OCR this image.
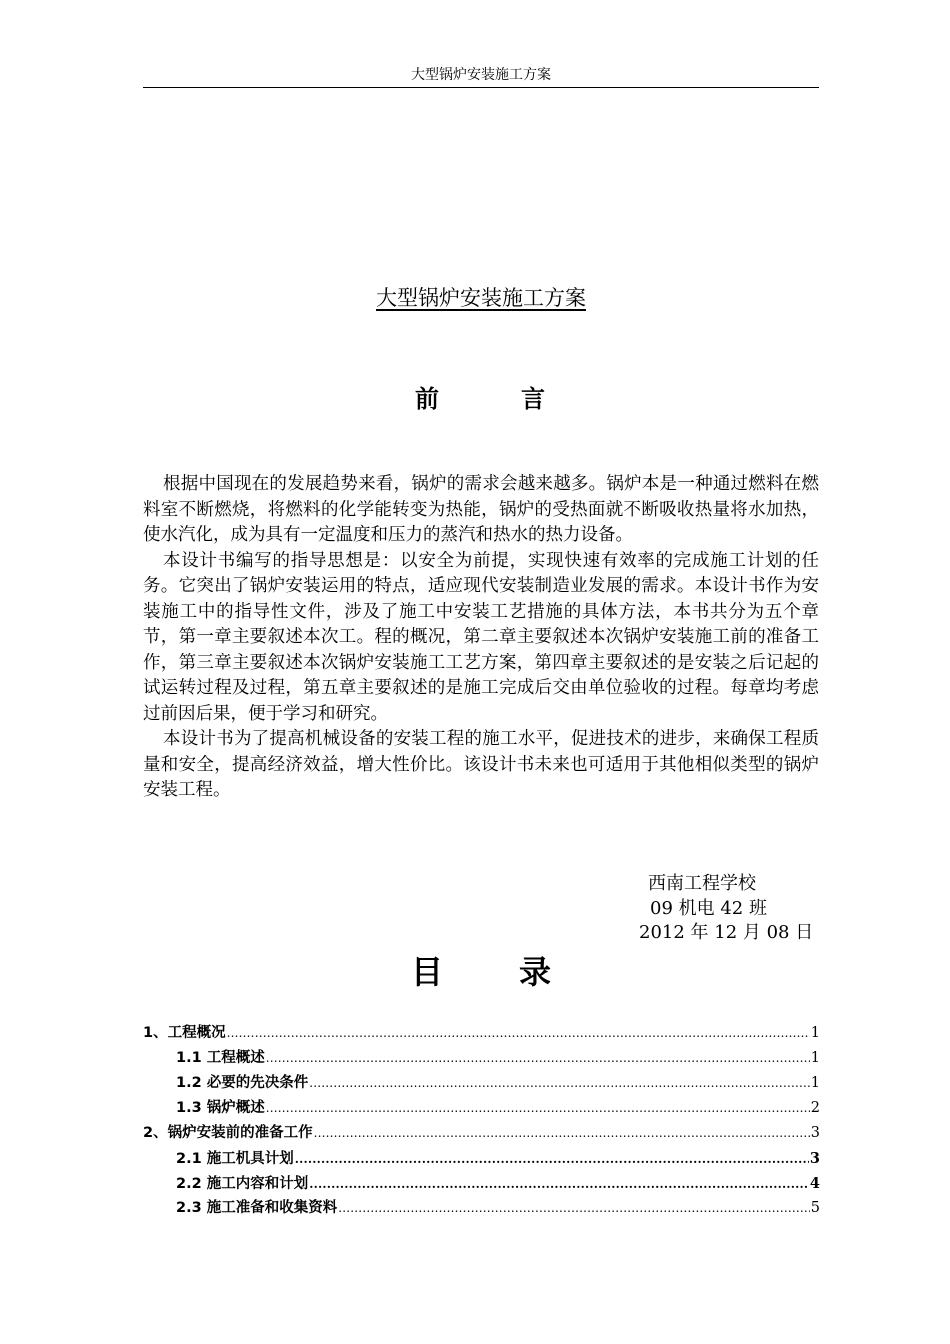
大型锅炉安装施工方案
大型锅炉安装施工方案
前	言

根据中国现在的发展趋势来看，锅炉的需求会越来越多。锅炉本是一种通过燃料在燃料室不断燃烧，将燃料的化学能转变为热能，锅炉的受热面就不断吸收热量将水加热，使水汽化，成为具有一定温度和压力的蒸汽和热水的热力设备。

本设计书编写的指导思想是：以安全为前提，实现快速有效率的完成施工计划的任务。它突出了锅炉安装运用的特点，适应现代安装制造业发展的需求。本设计书作为安装施工中的指导性文件，涉及了施工中安装工艺措施的具体方法，本书共分为五个章节，第一章主要叙述本次工。程的概况，第二章主要叙述本次锅炉安装施工前的准备工作，第三章主要叙述本次锅炉安装施工工艺方案，第四章主要叙述的是安装之后记起的试运转过程及过程，第五章主要叙述的是施工完成后交由单位验收的过程。每章均考虑过前因后果，便于学习和研究。

本设计书为了提高机械设备的安装工程的施工水平，促进技术的进步，来确保工程质量和安全，提高经济效益，增大性价比。该设计书未来也可适用于其他相似类型的锅炉安装工程。

西南工程学校
09 机电 42 班
2012 年 12 月 08 日
目 录
1、工程概况 .....	1
1.1 工程概述 .....	1
1.2 必要的先决条件 .....	1
1.3 锅炉概述 .....	2
2、锅炉安装前的准备工作 .....	3
2.1 施工机具计划 .....	3
2.2 施工内容和计划 .....	4
2.3 施工准备和收集资料 .....	5
